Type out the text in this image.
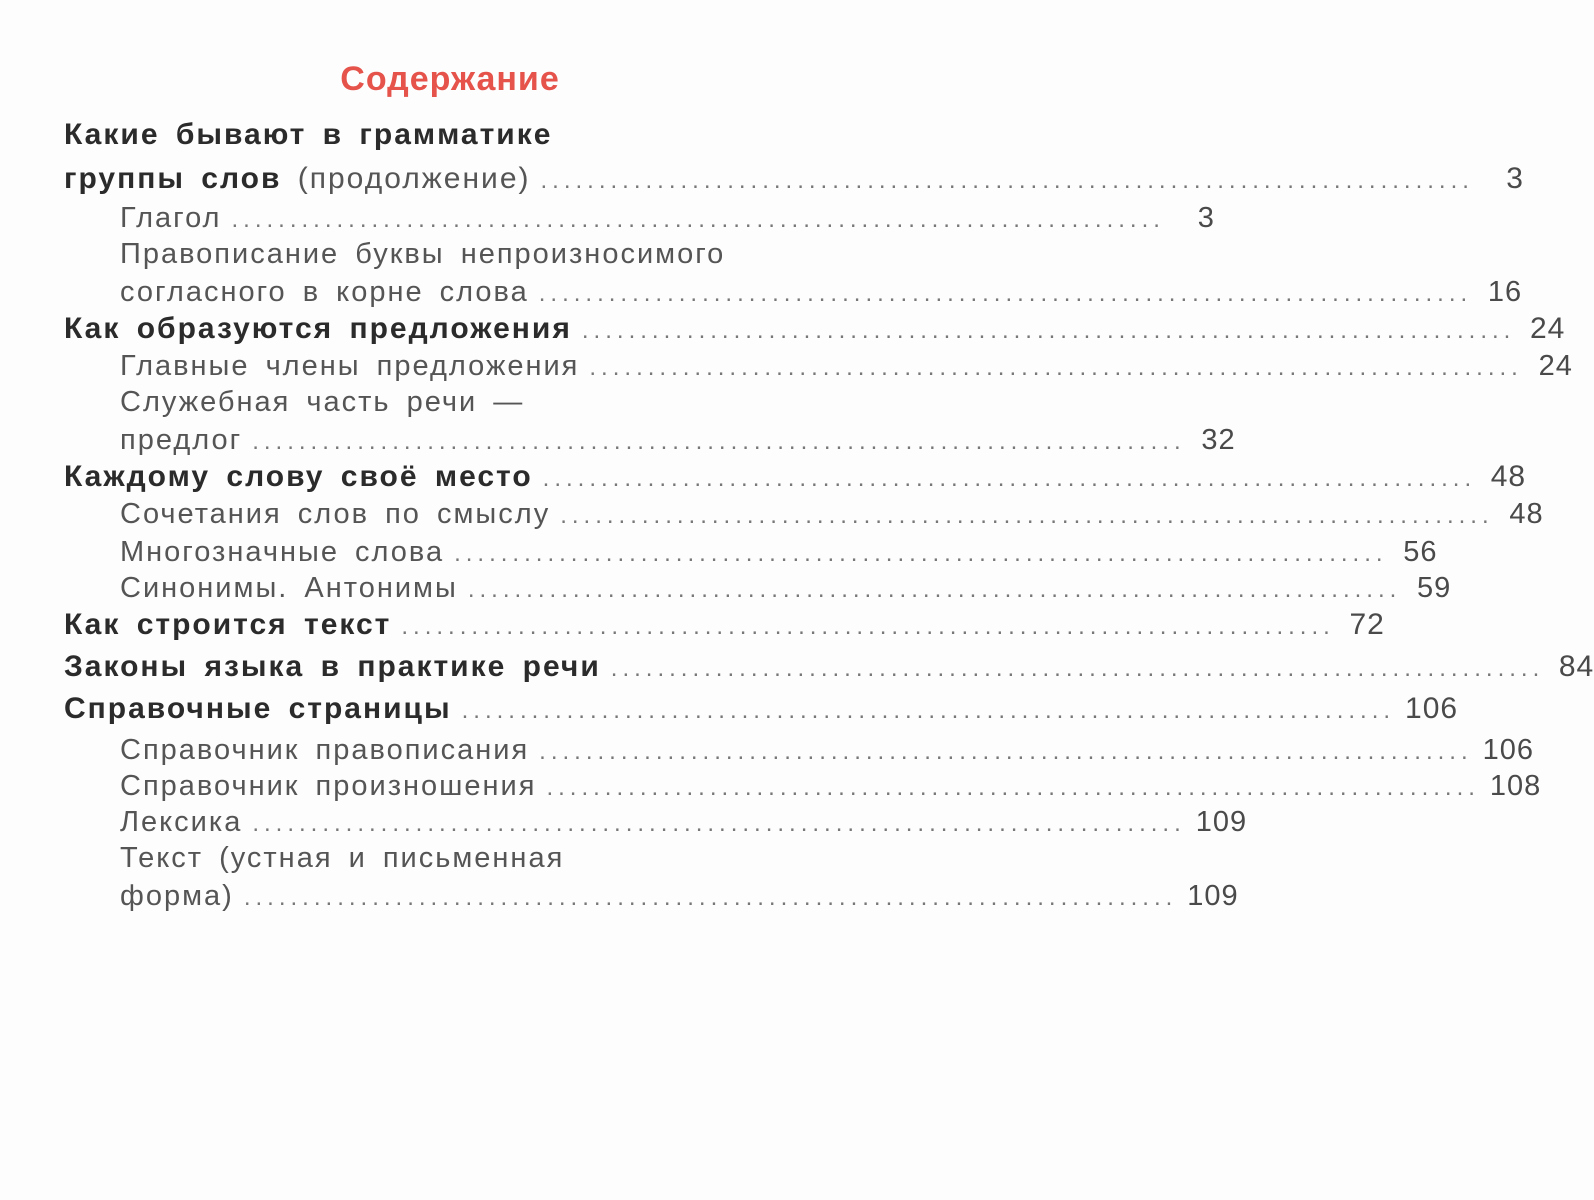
Содержание
Какие бывают в грамматике
группы слов (продолжение) ................................................................................	3
Глагол ................................................................................	3
Правописание буквы непроизносимого
согласного в корне слова ................................................................................ 16
Как образуются предложения ................................................................................ 24
Главные члены предложения ................................................................................ 24
Служебная часть речи —
предлог ................................................................................ 32
Каждому слову своё место ................................................................................ 48
Сочетания слов по смыслу ................................................................................ 48
Многозначные слова ................................................................................ 56
Синонимы. Антонимы ................................................................................ 59
Как строится текст ................................................................................ 72
Законы языка в практике речи ................................................................................ 84
Справочные страницы ................................................................................ 106
Справочник правописания ................................................................................ 106
Справочник произношения ................................................................................ 108
Лексика ................................................................................ 109
Текст (устная и письменная
форма) ................................................................................ 109
